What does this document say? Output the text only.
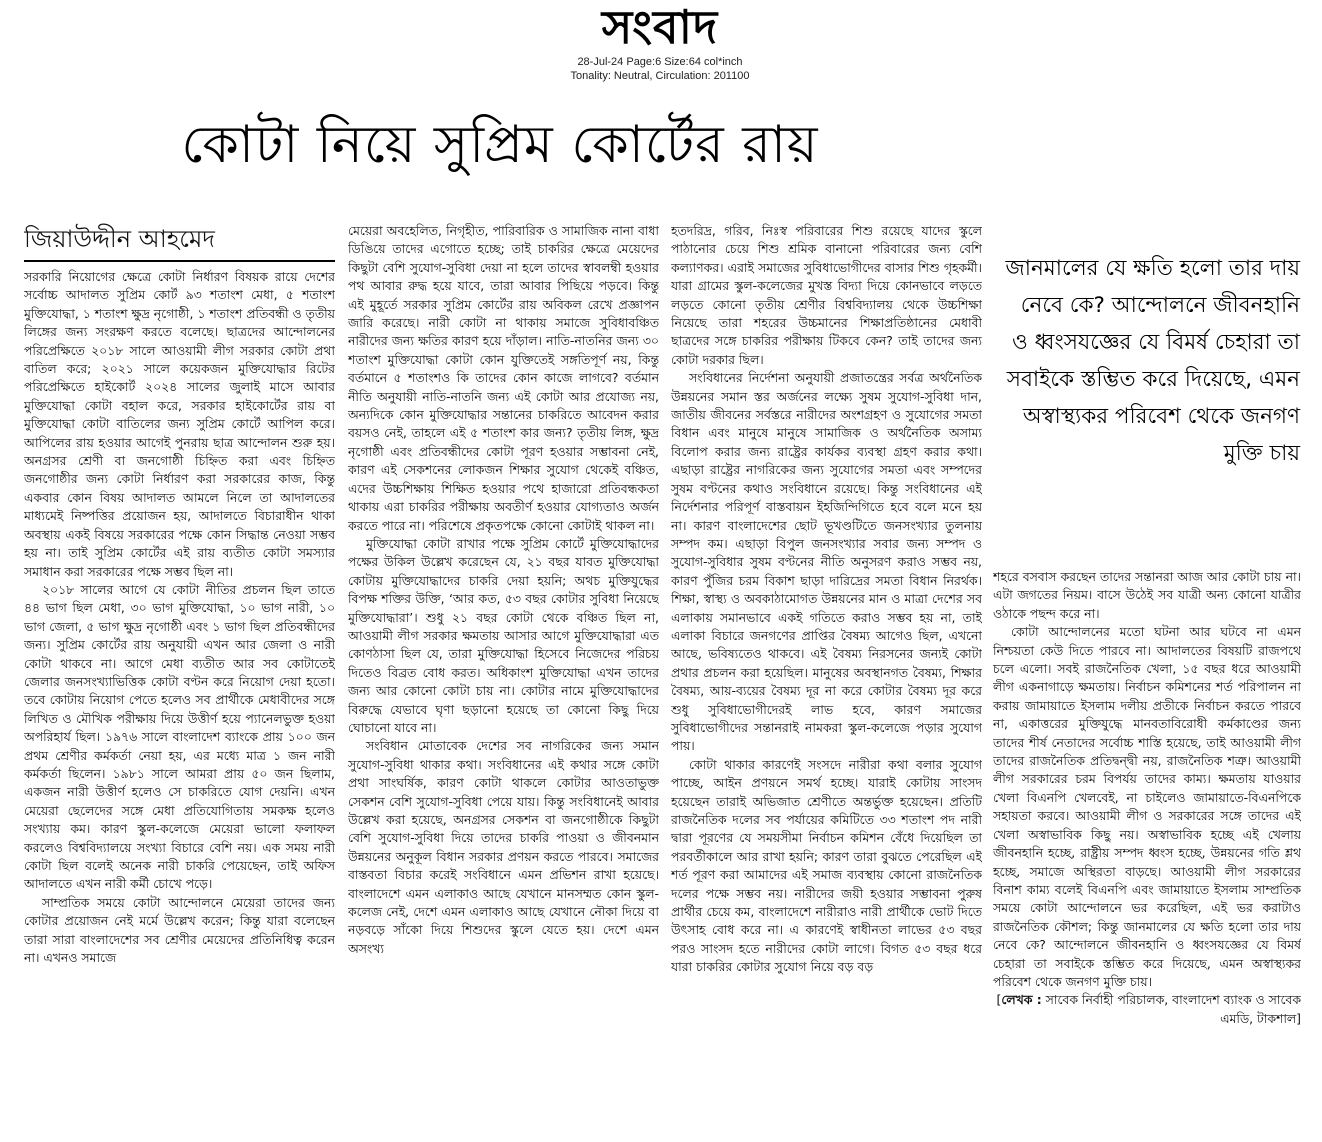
সংবাদ
28-Jul-24 Page:6 Size:64 col*inch
Tonality: Neutral, Circulation: 201100
কোটা নিয়ে সুপ্রিম কোর্টের রায়
জিয়াউদ্দীন আহমেদ

সরকারি নিয়োগের ক্ষেত্রে কোটা নির্ধারণ বিষয়ক রায়ে দেশের সর্বোচ্চ আদালত সুপ্রিম কোর্ট ৯৩ শতাংশ মেধা, ৫ শতাংশ মুক্তিযোদ্ধা, ১ শতাংশ ক্ষুদ্র নৃগোষ্ঠী, ১ শতাংশ প্রতিবন্ধী ও তৃতীয় লিঙ্গের জন্য সংরক্ষণ করতে বলেছে। ছাত্রদের আন্দোলনের পরিপ্রেক্ষিতে ২০১৮ সালে আওয়ামী লীগ সরকার কোটা প্রথা বাতিল করে; ২০২১ সালে কয়েকজন মুক্তিযোদ্ধার রিটের পরিপ্রেক্ষিতে হাইকোর্ট ২০২৪ সালের জুলাই মাসে আবার মুক্তিযোদ্ধা কোটা বহাল করে, সরকার হাইকোর্টের রায় বা মুক্তিযোদ্ধা কোটা বাতিলের জন্য সুপ্রিম কোর্টে আপিল করে। আপিলের রায় হওয়ার আগেই পুনরায় ছাত্র আন্দোলন শুরু হয়। অনগ্রসর শ্রেণী বা জনগোষ্ঠী চিহ্নিত করা এবং চিহ্নিত জনগোষ্ঠীর জন্য কোটা নির্ধারণ করা সরকারের কাজ, কিন্তু একবার কোন বিষয় আদালত আমলে নিলে তা আদালতের মাধ্যমেই নিষ্পত্তির প্রয়োজন হয়, আদালতে বিচারাধীন থাকা অবস্থায় একই বিষয়ে সরকারের পক্ষে কোন সিদ্ধান্ত নেওয়া সম্ভব হয় না। তাই সুপ্রিম কোর্টের এই রায় ব্যতীত কোটা সমস্যার সমাধান করা সরকারের পক্ষে সম্ভব ছিল না।

২০১৮ সালের আগে যে কোটা নীতির প্রচলন ছিল তাতে ৪৪ ভাগ ছিল মেধা, ৩০ ভাগ মুক্তিযোদ্ধা, ১০ ভাগ নারী, ১০ ভাগ জেলা, ৫ ভাগ ক্ষুদ্র নৃগোষ্ঠী এবং ১ ভাগ ছিল প্রতিবন্ধীদের জন্য। সুপ্রিম কোর্টের রায় অনুযায়ী এখন আর জেলা ও নারী কোটা থাকবে না। আগে মেধা ব্যতীত আর সব কোটাতেই জেলার জনসংখ্যাভিত্তিক কোটা বণ্টন করে নিয়োগ দেয়া হতো। তবে কোটায় নিয়োগ পেতে হলেও সব প্রার্থীকে মেধাবীদের সঙ্গে লিখিত ও মৌখিক পরীক্ষায় দিয়ে উত্তীর্ণ হয়ে প্যানেলভুক্ত হওয়া অপরিহার্য ছিল। ১৯৭৬ সালে বাংলাদেশ ব্যাংকে প্রায় ১০০ জন প্রথম শ্রেণীর কর্মকর্তা নেয়া হয়, এর মধ্যে মাত্র ১ জন নারী কর্মকর্তা ছিলেন। ১৯৮১ সালে আমরা প্রায় ৫০ জন ছিলাম, একজন নারী উত্তীর্ণ হলেও সে চাকরিতে যোগ দেয়নি। এখন মেয়েরা ছেলেদের সঙ্গে মেধা প্রতিযোগিতায় সমকক্ষ হলেও সংখ্যায় কম। কারণ স্কুল-কলেজে মেয়েরা ভালো ফলাফল করলেও বিশ্ববিদ্যালয়ে সংখ্যা বিচারে বেশি নয়। এক সময় নারী কোটা ছিল বলেই অনেক নারী চাকরি পেয়েছেন, তাই অফিস আদালতে এখন নারী কর্মী চোখে পড়ে।

সাম্প্রতিক সময়ে কোটা আন্দোলনে মেয়েরা তাদের জন্য কোটার প্রয়োজন নেই মর্মে উল্লেখ করেন; কিন্তু যারা বলেছেন তারা সারা বাংলাদেশের সব শ্রেণীর মেয়েদের প্রতিনিধিত্ব করেন না। এখনও সমাজে

মেয়েরা অবহেলিত, নিগৃহীত, পারিবারিক ও সামাজিক নানা বাধা ডিঙিয়ে তাদের এগোতে হচ্ছে; তাই চাকরির ক্ষেত্রে মেয়েদের কিছুটা বেশি সুযোগ-সুবিধা দেয়া না হলে তাদের স্বাবলম্বী হওয়ার পথ আবার রুদ্ধ হয়ে যাবে, তারা আবার পিছিয়ে পড়বে। কিন্তু এই মুহূর্তে সরকার সুপ্রিম কোর্টের রায় অবিকল রেখে প্রজ্ঞাপন জারি করেছে। নারী কোটা না থাকায় সমাজে সুবিধাবঞ্চিত নারীদের জন্য ক্ষতির কারণ হয়ে দাঁড়াল। নাতি-নাতনির জন্য ৩০ শতাংশ মুক্তিযোদ্ধা কোটা কোন যুক্তিতেই সঙ্গতিপূর্ণ নয়, কিন্তু বর্তমানে ৫ শতাংশও কি তাদের কোন কাজে লাগবে? বর্তমান নীতি অনুযায়ী নাতি-নাতনি জন্য এই কোটা আর প্রযোজ্য নয়, অন্যদিকে কোন মুক্তিযোদ্ধার সন্তানের চাকরিতে আবেদন করার বয়সও নেই, তাহলে এই ৫ শতাংশ কার জন্য? তৃতীয় লিঙ্গ, ক্ষুদ্র নৃগোষ্ঠী এবং প্রতিবন্ধীদের কোটা পূরণ হওয়ার সম্ভাবনা নেই, কারণ এই সেকশনের লোকজন শিক্ষার সুযোগ থেকেই বঞ্চিত, এদের উচ্চশিক্ষায় শিক্ষিত হওয়ার পথে হাজারো প্রতিবন্ধকতা থাকায় এরা চাকরির পরীক্ষায় অবতীর্ণ হওয়ার যোগ্যতাও অর্জন করতে পারে না। পরিশেষে প্রকৃতপক্ষে কোনো কোটাই থাকল না।

মুক্তিযোদ্ধা কোটা রাখার পক্ষে সুপ্রিম কোর্টে মুক্তিযোদ্ধাদের পক্ষের উকিল উল্লেখ করেছেন যে, ২১ বছর যাবত মুক্তিযোদ্ধা কোটায় মুক্তিযোদ্ধাদের চাকরি দেয়া হয়নি; অথচ মুক্তিযুদ্ধের বিপক্ষ শক্তির উক্তি, ‘আর কত, ৫৩ বছর কোটার সুবিধা নিয়েছে মুক্তিযোদ্ধারা’। শুধু ২১ বছর কোটা থেকে বঞ্চিত ছিল না, আওয়ামী লীগ সরকার ক্ষমতায় আসার আগে মুক্তিযোদ্ধারা এত কোণঠাসা ছিল যে, তারা মুক্তিযোদ্ধা হিসেবে নিজেদের পরিচয় দিতেও বিব্রত বোধ করত। অধিকাংশ মুক্তিযোদ্ধা এখন তাদের জন্য আর কোনো কোটা চায় না। কোটার নামে মুক্তিযোদ্ধাদের বিরুদ্ধে যেভাবে ঘৃণা ছড়ানো হয়েছে তা কোনো কিছু দিয়ে ঘোচানো যাবে না।

সংবিধান মোতাবেক দেশের সব নাগরিকের জন্য সমান সুযোগ-সুবিধা থাকার কথা। সংবিধানের এই কথার সঙ্গে কোটা প্রথা সাংঘর্ষিক, কারণ কোটা থাকলে কোটার আওতাভুক্ত সেকশন বেশি সুযোগ-সুবিধা পেয়ে যায়। কিন্তু সংবিধানেই আবার উল্লেখ করা হয়েছে, অনগ্রসর সেকশন বা জনগোষ্ঠীকে কিছুটা বেশি সুযোগ-সুবিধা দিয়ে তাদের চাকরি পাওয়া ও জীবনমান উন্নয়নের অনুকূল বিধান সরকার প্রণয়ন করতে পারবে। সমাজের বাস্তবতা বিচার করেই সংবিধানে এমন প্রভিশন রাখা হয়েছে। বাংলাদেশে এমন এলাকাও আছে যেখানে মানসম্মত কোন স্কুল-কলেজ নেই, দেশে এমন এলাকাও আছে যেখানে নৌকা দিয়ে বা নড়বড়ে সাঁকো দিয়ে শিশুদের স্কুলে যেতে হয়। দেশে এমন অসংখ্য

হতদরিদ্র, গরিব, নিঃস্ব পরিবারের শিশু রয়েছে যাদের স্কুলে পাঠানোর চেয়ে শিশু শ্রমিক বানানো পরিবারের জন্য বেশি কল্যাণকর। এরাই সমাজের সুবিধাভোগীদের বাসার শিশু গৃহকর্মী। যারা গ্রামের স্কুল-কলেজের মুখস্ত বিদ্যা দিয়ে কোনভাবে লড়তে লড়তে কোনো তৃতীয় শ্রেণীর বিশ্ববিদ্যালয় থেকে উচ্চশিক্ষা নিয়েছে তারা শহরের উচ্চমানের শিক্ষাপ্রতিষ্ঠানের মেধাবী ছাত্রদের সঙ্গে চাকরির পরীক্ষায় টিকবে কেন? তাই তাদের জন্য কোটা দরকার ছিল।

সংবিধানের নির্দেশনা অনুযায়ী প্রজাতন্ত্রের সর্বত্র অর্থনৈতিক উন্নয়নের সমান স্তর অর্জনের লক্ষ্যে সুষম সুযোগ-সুবিধা দান, জাতীয় জীবনের সর্বস্তরে নারীদের অংশগ্রহণ ও সুযোগের সমতা বিধান এবং মানুষে মানুষে সামাজিক ও অর্থনৈতিক অসাম্য বিলোপ করার জন্য রাষ্ট্রের কার্যকর ব্যবস্থা গ্রহণ করার কথা। এছাড়া রাষ্ট্রের নাগরিকের জন্য সুযোগের সমতা এবং সম্পদের সুষম বণ্টনের কথাও সংবিধানে রয়েছে। কিন্তু সংবিধানের এই নির্দেশনার পরিপূর্ণ বাস্তবায়ন ইহজিন্দিগিতে হবে বলে মনে হয় না। কারণ বাংলাদেশের ছোট ভূখণ্ডটিতে জনসংখ্যার তুলনায় সম্পদ কম। এছাড়া বিপুল জনসংখ্যার সবার জন্য সম্পদ ও সুযোগ-সুবিধার সুষম বণ্টনের নীতি অনুসরণ করাও সম্ভব নয়, কারণ পুঁজির চরম বিকাশ ছাড়া দারিদ্রের সমতা বিধান নিরর্থক। শিক্ষা, স্বাস্থ্য ও অবকাঠামোগত উন্নয়নের মান ও মাত্রা দেশের সব এলাকায় সমানভাবে একই গতিতে করাও সম্ভব হয় না, তাই এলাকা বিচারে জনগণের প্রাপ্তির বৈষম্য আগেও ছিল, এখনো আছে, ভবিষ্যতেও থাকবে। এই বৈষম্য নিরসনের জন্যই কোটা প্রথার প্রচলন করা হয়েছিল। মানুষের অবস্থানগত বৈষম্য, শিক্ষার বৈষম্য, আয়-ব্যয়ের বৈষম্য দূর না করে কোটার বৈষম্য দূর করে শুধু সুবিধাভোগীদেরই লাভ হবে, কারণ সমাজের সুবিধাভোগীদের সন্তানরাই নামকরা স্কুল-কলেজে পড়ার সুযোগ পায়।

কোটা থাকার কারণেই সংসদে নারীরা কথা বলার সুযোগ পাচ্ছে, আইন প্রণয়নে সমর্থ হচ্ছে। যারাই কোটায় সাংসদ হয়েছেন তারাই অভিজাত শ্রেণীতে অন্তর্ভুক্ত হয়েছেন। প্রতিটি রাজনৈতিক দলের সব পর্যায়ের কমিটিতে ৩৩ শতাংশ পদ নারী দ্বারা পূরণের যে সময়সীমা নির্বাচন কমিশন বেঁধে দিয়েছিল তা পরবর্তীকালে আর রাখা হয়নি; কারণ তারা বুঝতে পেরেছিল এই শর্ত পূরণ করা আমাদের এই সমাজ ব্যবস্থায় কোনো রাজনৈতিক দলের পক্ষে সম্ভব নয়। নারীদের জয়ী হওয়ার সম্ভাবনা পুরুষ প্রার্থীর চেয়ে কম, বাংলাদেশে নারীরাও নারী প্রার্থীকে ভোট দিতে উৎসাহ বোধ করে না। এ কারণেই স্বাধীনতা লাভের ৫৩ বছর পরও সাংসদ হতে নারীদের কোটা লাগে। বিগত ৫৩ বছর ধরে যারা চাকরির কোটার সুযোগ নিয়ে বড় বড়

জানমালের যে ক্ষতি হলো তার দায় নেবে কে? আন্দোলনে জীবনহানি ও ধ্বংসযজ্ঞের যে বিমর্ষ চেহারা তা সবাইকে স্তম্ভিত করে দিয়েছে, এমন অস্বাস্থ্যকর পরিবেশ থেকে জনগণ মুক্তি চায়

শহরে বসবাস করছেন তাদের সন্তানরা আজ আর কোটা চায় না। এটা জগতের নিয়ম। বাসে উঠেই সব যাত্রী অন্য কোনো যাত্রীর ওঠাকে পছন্দ করে না।

কোটা আন্দোলনের মতো ঘটনা আর ঘটবে না এমন নিশ্চয়তা কেউ দিতে পারবে না। আদালতের বিষয়টি রাজপথে চলে এলো। সবই রাজনৈতিক খেলা, ১৫ বছর ধরে আওয়ামী লীগ একনাগাড়ে ক্ষমতায়। নির্বাচন কমিশনের শর্ত পরিপালন না করায় জামায়াতে ইসলাম দলীয় প্রতীকে নির্বাচন করতে পারবে না, একাত্তরের মুক্তিযুদ্ধে মানবতাবিরোধী কর্মকাণ্ডের জন্য তাদের শীর্ষ নেতাদের সর্বোচ্চ শাস্তি হয়েছে, তাই আওয়ামী লীগ তাদের রাজনৈতিক প্রতিদ্বন্দ্বী নয়, রাজনৈতিক শত্রু। আওয়ামী লীগ সরকারের চরম বিপর্যয় তাদের কাম্য। ক্ষমতায় যাওয়ার খেলা বিএনপি খেলবেই, না চাইলেও জামায়াতে-বিএনপিকে সহায়তা করবে। আওয়ামী লীগ ও সরকারের সঙ্গে তাদের এই খেলা অস্বাভাবিক কিছু নয়। অস্বাভাবিক হচ্ছে এই খেলায় জীবনহানি হচ্ছে, রাষ্ট্রীয় সম্পদ ধ্বংস হচ্ছে, উন্নয়নের গতি শ্লথ হচ্ছে, সমাজে অস্থিরতা বাড়ছে। আওয়ামী লীগ সরকারের বিনাশ কাম্য বলেই বিএনপি এবং জামায়াতে ইসলাম সাম্প্রতিক সময়ে কোটা আন্দোলনে ভর করেছিল, এই ভর করাটাও রাজনৈতিক কৌশল; কিন্তু জানমালের যে ক্ষতি হলো তার দায় নেবে কে? আন্দোলনে জীবনহানি ও ধ্বংসযজ্ঞের যে বিমর্ষ চেহারা তা সবাইকে স্তম্ভিত করে দিয়েছে, এমন অস্বাস্থ্যকর পরিবেশ থেকে জনগণ মুক্তি চায়।

[লেখক : সাবেক নির্বাহী পরিচালক, বাংলাদেশ ব্যাংক ও সাবেক এমডি, টাকশাল]
